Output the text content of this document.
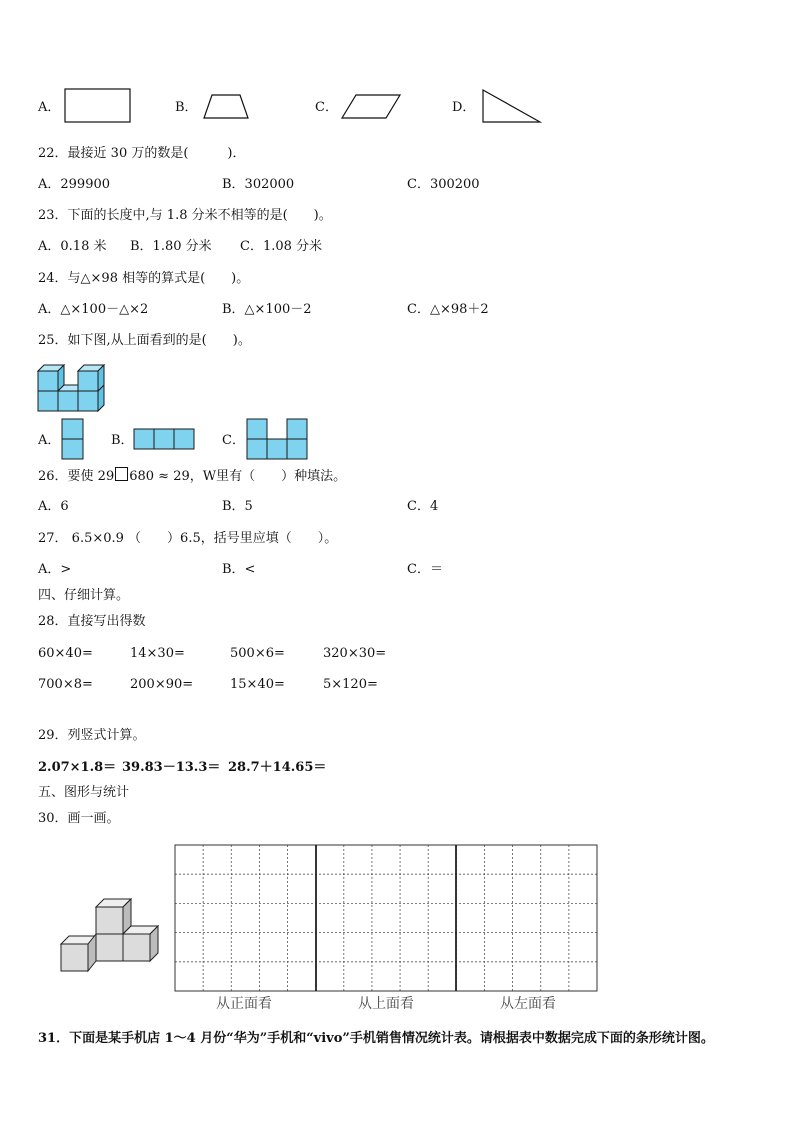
A．	B．	C．	D．
22．最接近 30 万的数是(　　　)．
A．299900	B．302000	C．300200
23．下面的长度中,与 1.8 分米不相等的是(　　)。
A．0.18 米 B．1.80 分米 C．1.08 分米
24．与△×98 相等的算式是(　　)。
A．△×100－△×2	B．△×100－2	C．△×98＋2
25．如下图,从上面看到的是(　　)。
A．	B．	C．
26．要使 29 680 ≈ 29，W里有（　　）种填法。
A．6	B．5	C．4
27． 6.5×0.9 （　　）6.5，括号里应填（　　）。
A．>	B．<	C．＝
四、仔细计算。
28．直接写出得数
60×40=	14×30=	500×6=	320×30=
700×8=	200×90=	15×40=	5×120=
29．列竖式计算。
2.07×1.8＝ 39.83－13.3＝ 28.7＋14.65＝
五、图形与统计
30．画一画。
从正面看	从上面看	从左面看
31．下面是某手机店 1～4 月份“华为”手机和“vivo”手机销售情况统计表。请根据表中数据完成下面的条形统计图。
